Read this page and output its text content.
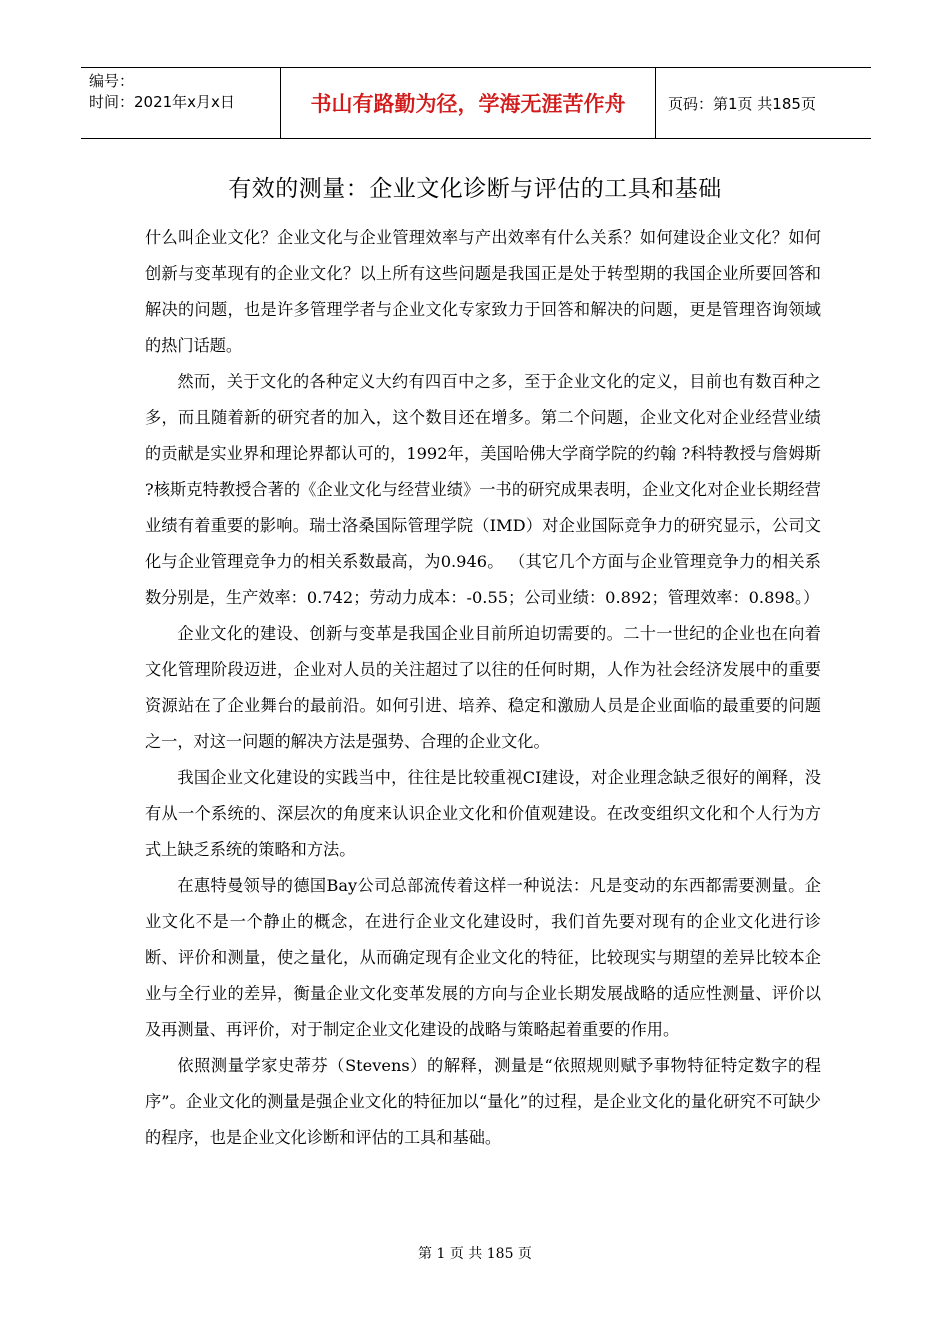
编号：
时间：2021年x月x日	书山有路勤为径，学海无涯苦作舟	页码：第1页 共185页
有效的测量：企业文化诊断与评估的工具和基础

什么叫企业文化？企业文化与企业管理效率与产出效率有什么关系？如何建设企业文化？如何创新与变革现有的企业文化？以上所有这些问题是我国正是处于转型期的我国企业所要回答和解决的问题，也是许多管理学者与企业文化专家致力于回答和解决的问题，更是管理咨询领域的热门话题。

然而，关于文化的各种定义大约有四百中之多，至于企业文化的定义，目前也有数百种之多，而且随着新的研究者的加入，这个数目还在增多。第二个问题，企业文化对企业经营业绩的贡献是实业界和理论界都认可的，1992年，美国哈佛大学商学院的约翰 ?科特教授与詹姆斯 ?核斯克特教授合著的《企业文化与经营业绩》一书的研究成果表明，企业文化对企业长期经营业绩有着重要的影响。瑞士洛桑国际管理学院（IMD）对企业国际竞争力的研究显示，公司文化与企业管理竞争力的相关系数最高，为0.946。 （其它几个方面与企业管理竞争力的相关系数分别是，生产效率：0.742；劳动力成本：-0.55；公司业绩：0.892；管理效率：0.898。）

企业文化的建设、创新与变革是我国企业目前所迫切需要的。二十一世纪的企业也在向着文化管理阶段迈进，企业对人员的关注超过了以往的任何时期，人作为社会经济发展中的重要资源站在了企业舞台的最前沿。如何引进、培养、稳定和激励人员是企业面临的最重要的问题之一，对这一问题的解决方法是强势、合理的企业文化。

我国企业文化建设的实践当中，往往是比较重视CI建设，对企业理念缺乏很好的阐释，没有从一个系统的、深层次的角度来认识企业文化和价值观建设。在改变组织文化和个人行为方式上缺乏系统的策略和方法。

在惠特曼领导的德国Bay公司总部流传着这样一种说法：凡是变动的东西都需要测量。企业文化不是一个静止的概念，在进行企业文化建设时，我们首先要对现有的企业文化进行诊断、评价和测量，使之量化，从而确定现有企业文化的特征，比较现实与期望的差异比较本企业与全行业的差异，衡量企业文化变革发展的方向与企业长期发展战略的适应性测量、评价以及再测量、再评价，对于制定企业文化建设的战略与策略起着重要的作用。

依照测量学家史蒂芬（Stevens）的解释，测量是“依照规则赋予事物特征特定数字的程序”。企业文化的测量是强企业文化的特征加以“量化”的过程，是企业文化的量化研究不可缺少的程序，也是企业文化诊断和评估的工具和基础。

第 1 页 共 185 页
